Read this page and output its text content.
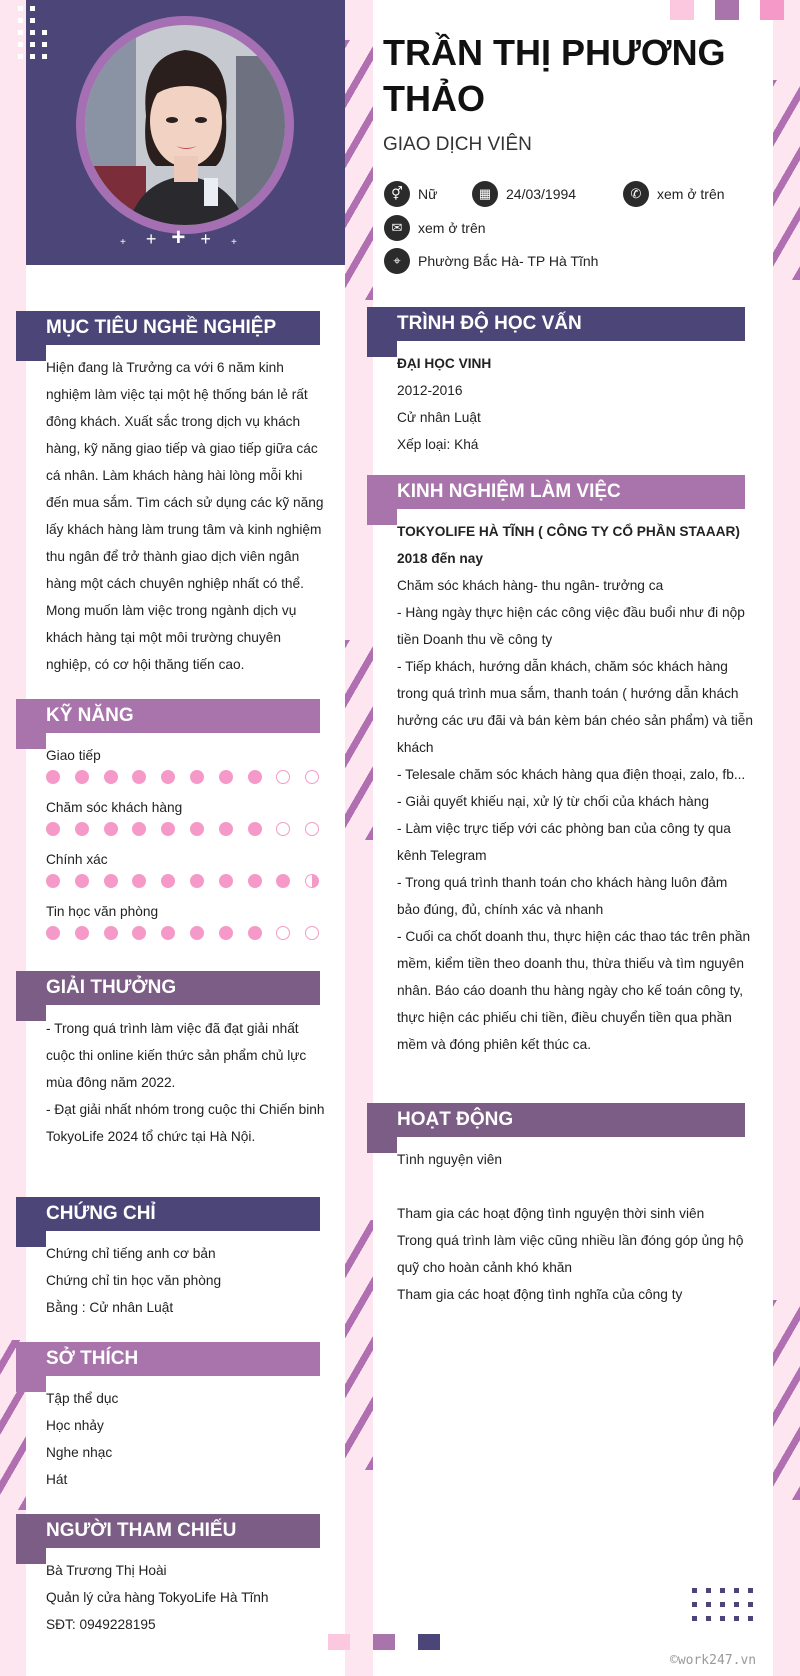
+ + + + +
TRẦN THỊ PHƯƠNG
THẢO
GIAO DỊCH VIÊN
⚥	Nữ	▦	24/03/1994	✆	xem ở trên
✉	xem ở trên
⌖	Phường Bắc Hà- TP Hà Tĩnh
MỤC TIÊU NGHỀ NGHIỆP
Hiện đang là Trưởng ca với 6 năm kinh
nghiệm làm việc tại một hệ thống bán lẻ rất
đông khách. Xuất sắc trong dịch vụ khách
hàng, kỹ năng giao tiếp và giao tiếp giữa các
cá nhân. Làm khách hàng hài lòng mỗi khi
đến mua sắm. Tìm cách sử dụng các kỹ năng
lấy khách hàng làm trung tâm và kinh nghiệm
thu ngân để trở thành giao dịch viên ngân
hàng một cách chuyên nghiệp nhất có thể.
Mong muốn làm việc trong ngành dịch vụ
khách hàng tại một môi trường chuyên
nghiệp, có cơ hội thăng tiến cao.
KỸ NĂNG
Giao tiếp
Chăm sóc khách hàng
Chính xác
Tin học văn phòng
GIẢI THƯỞNG
- Trong quá trình làm việc đã đạt giải nhất
cuộc thi online kiến thức sản phẩm chủ lực
mùa đông năm 2022.
- Đạt giải nhất nhóm trong cuộc thi Chiến binh
TokyoLife 2024 tổ chức tại Hà Nội.
CHỨNG CHỈ
Chứng chỉ tiếng anh cơ bản
Chứng chỉ tin học văn phòng
Bằng : Cử nhân Luật
SỞ THÍCH
Tập thể dục
Học nhảy
Nghe nhạc
Hát
NGƯỜI THAM CHIẾU
Bà Trương Thị Hoài
Quản lý cửa hàng TokyoLife Hà Tĩnh
SĐT: 0949228195
TRÌNH ĐỘ HỌC VẤN
ĐẠI HỌC VINH
2012-2016
Cử nhân Luật
Xếp loại: Khá
KINH NGHIỆM LÀM VIỆC
TOKYOLIFE HÀ TĨNH ( CÔNG TY CỔ PHẦN STAAAR)
2018 đến nay
Chăm sóc khách hàng- thu ngân- trưởng ca
- Hàng ngày thực hiện các công việc đầu buổi như đi nộp
tiền Doanh thu về công ty
- Tiếp khách, hướng dẫn khách, chăm sóc khách hàng
trong quá trình mua sắm, thanh toán ( hướng dẫn khách
hưởng các ưu đãi và bán kèm bán chéo sản phẩm) và tiễn
khách
- Telesale chăm sóc khách hàng qua điện thoại, zalo, fb...
- Giải quyết khiếu nại, xử lý từ chối của khách hàng
- Làm việc trực tiếp với các phòng ban của công ty qua
kênh Telegram
- Trong quá trình thanh toán cho khách hàng luôn đảm
bảo đúng, đủ, chính xác và nhanh
- Cuối ca chốt doanh thu, thực hiện các thao tác trên phần
mềm, kiểm tiền theo doanh thu, thừa thiếu và tìm nguyên
nhân. Báo cáo doanh thu hàng ngày cho kế toán công ty,
thực hiện các phiếu chi tiền, điều chuyển tiền qua phần
mềm và đóng phiên kết thúc ca.
HOẠT ĐỘNG
Tình nguyện viên
Tham gia các hoạt động tình nguyện thời sinh viên
Trong quá trình làm việc cũng nhiều lần đóng góp ủng hộ
quỹ cho hoàn cảnh khó khăn
Tham gia các hoạt động tình nghĩa của công ty
©work247.vn
